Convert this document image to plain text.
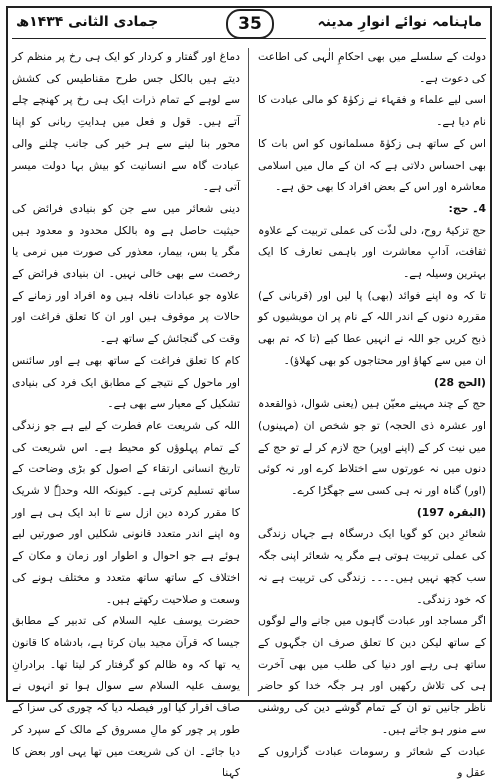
ماہنامہ نوائے انوارِ مدینہ
35
جمادی الثانی ۱۴۳۴ھ

دولت کے سلسلے میں بھی احکامِ الٰہی کی اطاعت کی دعوت ہے۔

اسی لیے علماء و فقہاء نے زکوٰۃ کو مالی عبادت کا نام دیا ہے۔

اس کے ساتھ ہی زکوٰۃ مسلمانوں کو اس بات کا بھی احساس دلاتی ہے کہ ان کے مال میں اسلامی معاشرہ اور اس کے بعض افراد کا بھی حق ہے۔

4۔ حج:

حج تزکیۂ روح، دلی لذّت کی عملی تربیت کے علاوہ ثقافت، آدابِ معاشرت اور باہمی تعارف کا ایک بہترین وسیلہ ہے۔

تا کہ وہ اپنے فوائد (بھی) پا لیں اور (قربانی کے) مقررہ دنوں کے اندر اللہ کے نام پر ان مویشیوں کو ذبح کریں جو اللہ نے انہیں عطا کیے (تا کہ تم بھی ان میں سے کھاؤ اور محتاجوں کو بھی کھلاؤ)۔

(الحج 28)

حج کے چند مہینے معیّن ہیں (یعنی شوال، ذوالقعدہ اور عشرہ ذی الحجہ) تو جو شخص ان (مہینوں) میں نیت کر کے (اپنے اوپر) حج لازم کر لے تو حج کے دنوں میں نہ عورتوں سے اختلاط کرے اور نہ کوئی (اور) گناہ اور نہ ہی کسی سے جھگڑا کرے۔

(البقرہ 197)

شعائرِ دین کو گویا ایک درسگاہ ہے جہاں زندگی کی عملی تربیت ہوتی ہے مگر یہ شعائر اپنی جگہ سب کچھ نہیں ہیں۔۔۔۔ زندگی کی تربیت ہے نہ کہ خود زندگی۔

اگر مساجد اور عبادت گاہوں میں جانے والے لوگوں کے ساتھ لیکن دین کا تعلق صرف ان جگہوں کے ساتھ ہی رہے اور دنیا کی طلب میں بھی آخرت ہی کی تلاش رکھیں اور ہر جگہ خدا کو حاضر ناظر جانیں تو ان کے تمام گوشے دین کی روشنی سے منور ہو جاتے ہیں۔

عبادت کے شعائر و رسومات عبادت گزاروں کے عقل و

دماغ اور گفتار و کردار کو ایک ہی رخ پر منظم کر دیتے ہیں بالکل جس طرح مقناطیس کی کشش سے لوہے کے تمام ذرات ایک ہی رخ پر کھنچے چلے آتے ہیں۔ قول و فعل میں ہدایتِ ربانی کو اپنا محور بنا لینے سے ہر خیر کی جانب چلنے والی عبادت گاہ سے انسانیت کو بیش بہا دولت میسر آتی ہے۔

دینی شعائر میں سے جن کو بنیادی فرائض کی حیثیت حاصل ہے وہ بالکل محدود و معدود ہیں مگر یا بس، بیمار، معذور کی صورت میں نرمی یا رخصت سے بھی خالی نہیں۔ ان بنیادی فرائض کے علاوہ جو عبادات نافلہ ہیں وہ افراد اور زمانے کے حالات پر موقوف ہیں اور ان کا تعلق فراغت اور وقت کی گنجائش کے ساتھ ہے۔

کام کا تعلق فراغت کے ساتھ بھی ہے اور سائنس اور ماحول کے نتیجے کے مطابق ایک فرد کی بنیادی تشکیل کے معیار سے بھی ہے۔

اللہ کی شریعت عام فطرت کے لیے ہے جو زندگی کے تمام پہلوؤں کو محیط ہے۔ اس شریعت کی تاریخ انسانی ارتقاء کے اصول کو بڑی وضاحت کے ساتھ تسلیم کرتی ہے۔ کیونکہ اللہ وحدہٗ لا شریک کا مقرر کردہ دین ازل سے تا ابد ایک ہی ہے اور وہ اپنے اندر متعدد قانونی شکلیں اور صورتیں لیے ہوئے ہے جو احوال و اطوار اور زمان و مکان کے اختلاف کے ساتھ ساتھ متعدد و مختلف ہونے کی وسعت و صلاحیت رکھتے ہیں۔

حضرت یوسف علیہ السلام کی تدبیر کے مطابق جیسا کہ قرآن مجید بیان کرتا ہے، بادشاہ کا قانون یہ تھا کہ وہ ظالم کو گرفتار کر لیتا تھا۔ برادرانِ یوسف علیہ السلام سے سوال ہوا تو انہوں نے صاف اقرار کیا اور فیصلہ دیا کہ چوری کی سزا کے طور پر چور کو مالِ مسروق کے مالک کے سپرد کر دیا جائے۔ ان کی شریعت میں تھا یہی اور بعض کا کہنا
